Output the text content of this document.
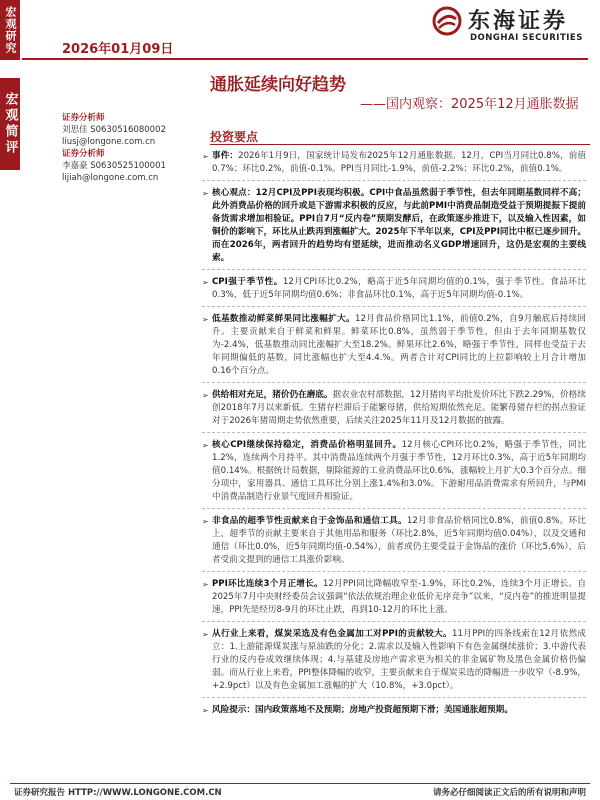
宏观研究
宏观简评
2026年01月09日
东海证券
DONGHAI SECURITIES
通胀延续向好趋势
——国内观察：2025年12月通胀数据
证券分析师
刘思佳 S0630516080002
liusj@longone.com.cn
证券分析师
李嘉豪 S0630525100001
lijiah@longone.com.cn
投资要点
➢ 事件：2026年1月9日，国家统计局发布2025年12月通胀数据。12月，CPI当月同比0.8%，前值0.7%；环比0.2%，前值-0.1%。PPI当月同比-1.9%，前值-2.2%；环比0.2%，前值0.1%。
➢ 核心观点：12月CPI及PPI表现均积极。CPI中食品虽然弱于季节性，但去年同期基数同样不高；此外消费品价格的回升或是下游需求积极的反应，与此前PMI中消费品制造受益于预期提振下提前备货需求增加相验证。PPI自7月“反内卷”预期发酵后，在政策逐步推进下，以及输入性因素，如铜价的影响下，环比从止跌再到涨幅扩大。2025年下半年以来，CPI及PPI同比中枢已逐步回升。而在2026年，两者回升的趋势均有望延续，进而推动名义GDP增速回升，这仍是宏观的主要线索。
➢ CPI强于季节性。12月CPI环比0.2%，略高于近5年同期均值的0.1%，强于季节性。食品环比0.3%，低于近5年同期均值0.6%；非食品环比0.1%，高于近5年同期均值-0.1%。
➢ 低基数推动鲜菜鲜果同比涨幅扩大。12月食品价格同比1.1%，前值0.2%，自9月触底后持续回升。主要贡献来自于鲜菜和鲜果。鲜菜环比0.8%，虽然弱于季节性，但由于去年同期基数仅为-2.4%，低基数推动同比涨幅扩大至18.2%。鲜果环比2.6%，略强于季节性，同样也受益于去年同期偏低的基数，同比涨幅也扩大至4.4.%。两者合计对CPI同比的上拉影响较上月合计增加0.16个百分点。
➢ 供给相对充足，猪价仍在磨底。据农业农村部数据，12月猪肉平均批发价环比下跌2.29%，价格续创2018年7月以来新低。生猪存栏滞后于能繁母猪，供给短期依然充足。能繁母猪存栏的拐点验证对于2026年猪周期走势依然重要，后续关注2025年11月及12月数据的披露。
➢ 核心CPI继续保持稳定，消费品价格明显回升。12月核心CPI环比0.2%，略强于季节性，同比1.2%，连续两个月持平。其中消费品连续两个月强于季节性，12月环比0.3%，高于近5年同期均值0.14%。根据统计局数据，剔除能源的工业消费品环比0.6%，涨幅较上月扩大0.3个百分点。细分项中，家用器具、通信工具环比分别上涨1.4%和3.0%。下游耐用品消费需求有所回升，与PMI中消费品制造行业景气度回升相验证。
➢ 非食品的超季节性贡献来自于金饰品和通信工具。12月非食品价格同比0.8%，前值0.8%。环比上，超季节的贡献主要来自于其他用品和服务（环比2.8%，近5年同期均值0.04%），以及交通和通信（环比0.0%，近5年同期均值-0.54%），前者或仍主要受益于金饰品的涨价（环比5.6%），后者受前文提到的通信工具涨价影响。
➢ PPI环比连续3个月正增长。12月PPI同比降幅收窄至-1.9%，环比0.2%，连续3个月正增长。自2025年7月中央财经委员会议强调“依法依规治理企业低价无序竞争”以来，“反内卷”的推进明显提速，PPI先是经历8-9月的环比止跌，再到10-12月的环比上涨。
➢ 从行业上来看，煤炭采选及有色金属加工对PPI的贡献较大。11月PPI的四条线索在12月依然成立：1.上游能源煤炭涨与原油跌的分化；2.需求以及输入性影响下有色金属继续涨价；3.中游代表行业的反内卷成效继续体现；4.与基建及房地产需求更为相关的非金属矿物及黑色金属价格仍偏弱。而从行业上来看，PPI整体降幅的收窄，主要贡献来自于煤炭采选的降幅进一步收窄（-8.9%，+2.9pct）以及有色金属加工涨幅的扩大（10.8%，+3.0pct）。
➢ 风险提示：国内政策落地不及预期；房地产投资超预期下滑；美国通胀超预期。
证券研究报告 HTTP://WWW.LONGONE.COM.CN	请务必仔细阅读正文后的所有说明和声明
